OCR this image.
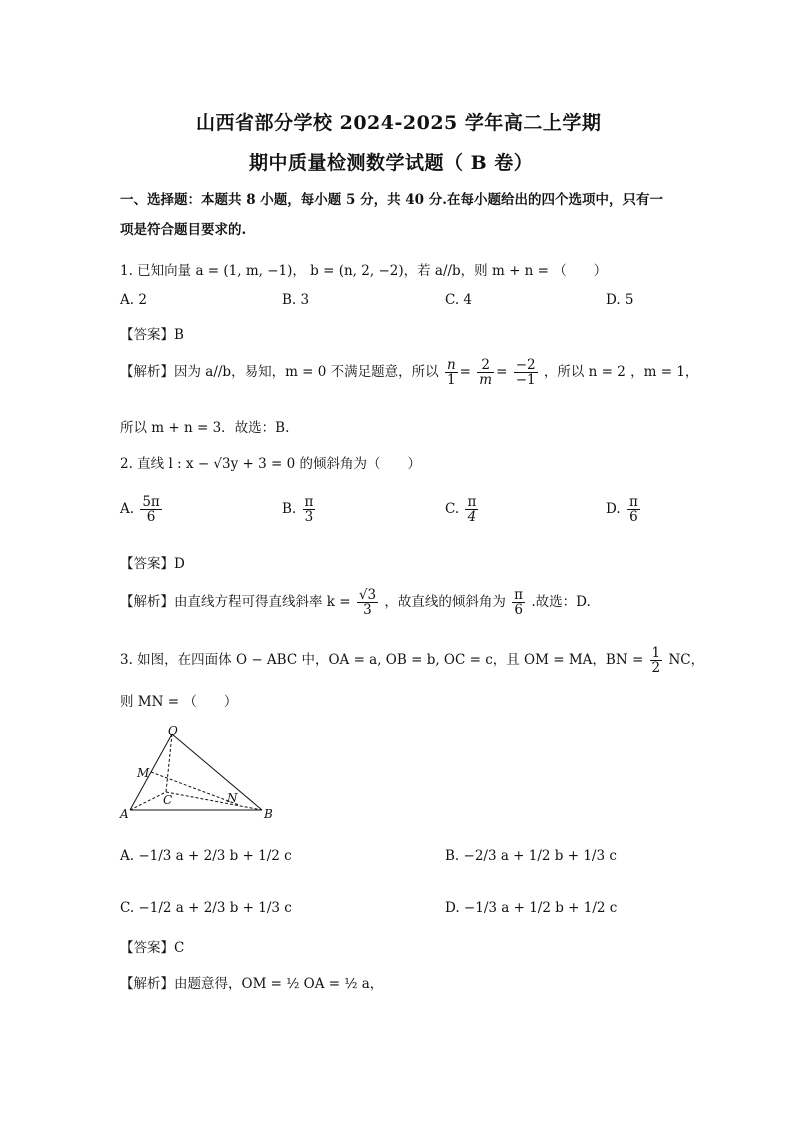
山西省部分学校 2024-2025 学年高二上学期
期中质量检测数学试题（ B 卷）
一、选择题：本题共 8 小题，每小题 5 分，共 40 分.在每小题给出的四个选项中，只有一
项是符合题目要求的.
1. 已知向量 a = (1, m, −1)， b = (n, 2, −2)，若 a//b，则 m + n = （　　）
A. 2	B. 3	C. 4	D. 5
【答案】B
【解析】因为 a//b，易知，m = 0 不满足题意，所以 $\frac{n}{1} = \frac{2}{m} = \frac{-2}{-1}$ ，所以 n = 2 ，m = 1，
所以 m + n = 3．故选：B.
2. 直线 l : x − √3y + 3 = 0 的倾斜角为（　　）
A. $\frac{5\pi}{6}$	B. $\frac{\pi}{3}$	C. $\frac{\pi}{4}$	D. $\frac{\pi}{6}$
【答案】D
【解析】由直线方程可得直线斜率 $k = \frac{√3}{3}$ ，故直线的倾斜角为 $\frac{\pi}{6}$ .故选：D.
3. 如图，在四面体 O − ABC 中，OA = a, OB = b, OC = c，且 OM = MA，BN = $\frac{1}{2}$ NC，
则 MN = （　　）
O
M
C	N
A	B
A. −1/3 a + 2/3 b + 1/2 c	B. −2/3 a + 1/2 b + 1/3 c
C. −1/2 a + 2/3 b + 1/3 c	D. −1/3 a + 1/2 b + 1/2 c
【答案】C
【解析】由题意得，OM = ½ OA = ½ a，
